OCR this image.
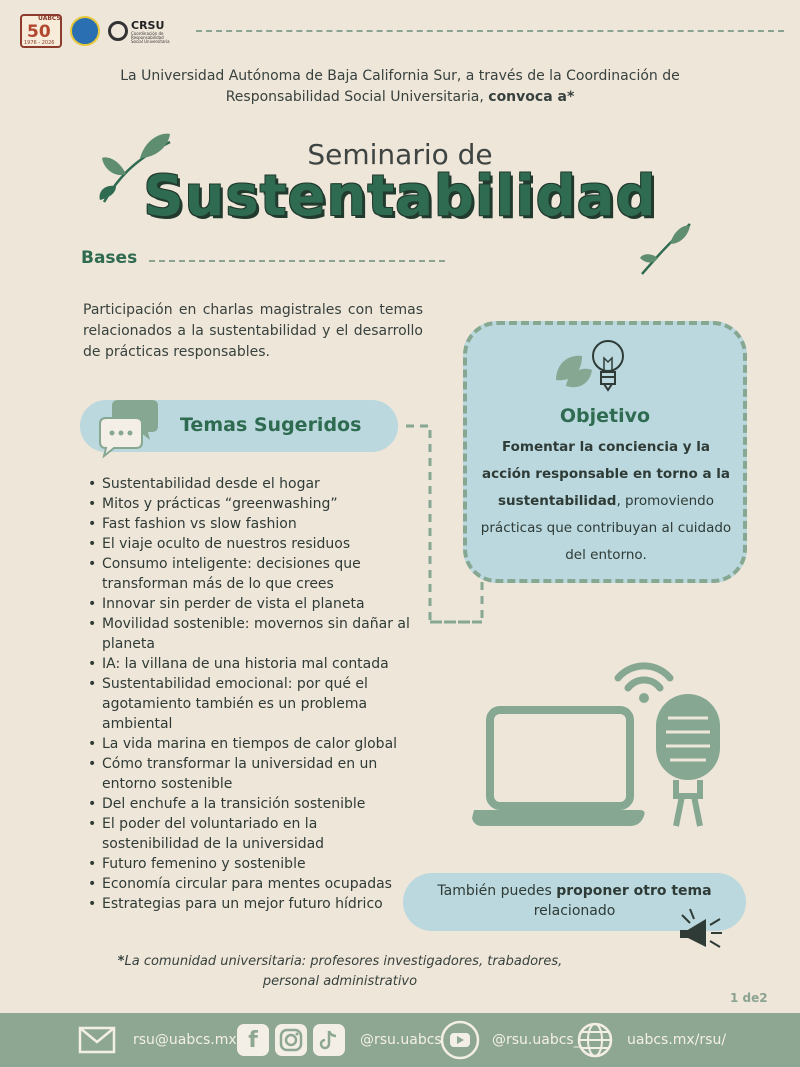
UABCS
50
1976 - 2026
CRSU
Coordinación de Responsabilidad Social Universitaria
La Universidad Autónoma de Baja California Sur, a través de la Coordinación de
Responsabilidad Social Universitaria, convoca a*
Seminario de
Sustentabilidad
Bases
Participación en charlas magistrales con temas relacionados a la sustentabilidad y el desarrollo de prácticas responsables.
Objetivo
Fomentar la conciencia y la acción responsable en torno a la sustentabilidad, promoviendo prácticas que contribuyan al cuidado del entorno.
Temas Sugeridos
• Sustentabilidad desde el hogar
• Mitos y prácticas “greenwashing”
• Fast fashion vs slow fashion
• El viaje oculto de nuestros residuos
• Consumo inteligente: decisiones que transforman más de lo que crees
• Innovar sin perder de vista el planeta
• Movilidad sostenible: movernos sin dañar al planeta
• IA: la villana de una historia mal contada
• Sustentabilidad emocional: por qué el agotamiento también es un problema ambiental
• La vida marina en tiempos de calor global
• Cómo transformar la universidad en un entorno sostenible
• Del enchufe a la transición sostenible
• El poder del voluntariado en la sostenibilidad de la universidad
• Futuro femenino y sostenible
• Economía circular para mentes ocupadas
• Estrategias para un mejor futuro hídrico
También puedes proponer otro tema
relacionado
*La comunidad universitaria: profesores investigadores, trabadores, personal administrativo
1 de2
rsu@uabcs.mx f	@rsu.uabcs	@rsu.uabcs_	uabcs.mx/rsu/
